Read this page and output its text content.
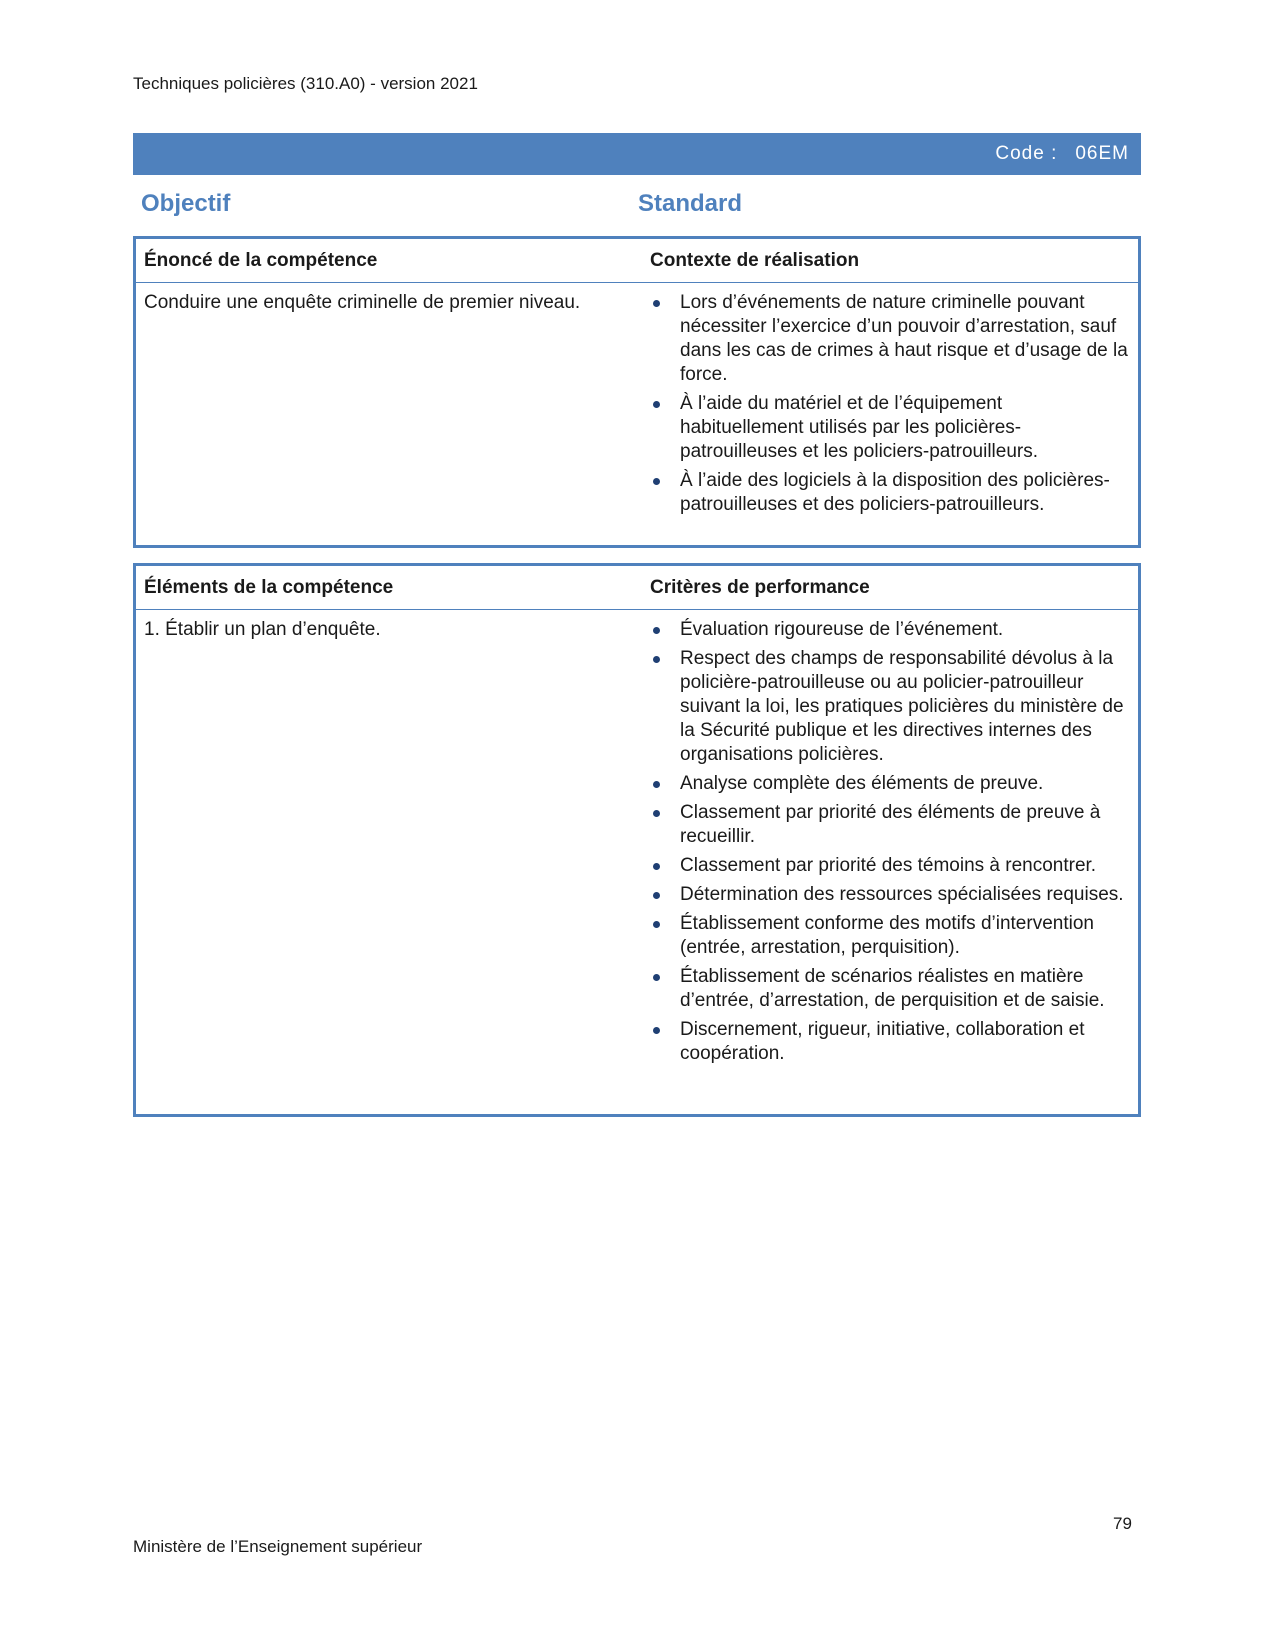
Techniques policières (310.A0) - version 2021
Code : 06EM
Objectif	Standard
Énoncé de la compétence	Contexte de réalisation
Conduire une enquête criminelle de premier niveau.	Lors d’événements de nature criminelle pouvant nécessiter l’exercice d’un pouvoir d’arrestation, sauf dans les cas de crimes à haut risque et d’usage de la force.
À l’aide du matériel et de l’équipement habituellement utilisés par les policières-patrouilleuses et les policiers-patrouilleurs.
À l’aide des logiciels à la disposition des policières-patrouilleuses et des policiers-patrouilleurs.
Éléments de la compétence	Critères de performance
1. Établir un plan d’enquête.	Évaluation rigoureuse de l’événement.
Respect des champs de responsabilité dévolus à la policière-patrouilleuse ou au policier-patrouilleur suivant la loi, les pratiques policières du ministère de la Sécurité publique et les directives internes des organisations policières.
Analyse complète des éléments de preuve.
Classement par priorité des éléments de preuve à recueillir.
Classement par priorité des témoins à rencontrer.
Détermination des ressources spécialisées requises.
Établissement conforme des motifs d’intervention (entrée, arrestation, perquisition).
Établissement de scénarios réalistes en matière d’entrée, d’arrestation, de perquisition et de saisie.
Discernement, rigueur, initiative, collaboration et coopération.
79
Ministère de l’Enseignement supérieur
